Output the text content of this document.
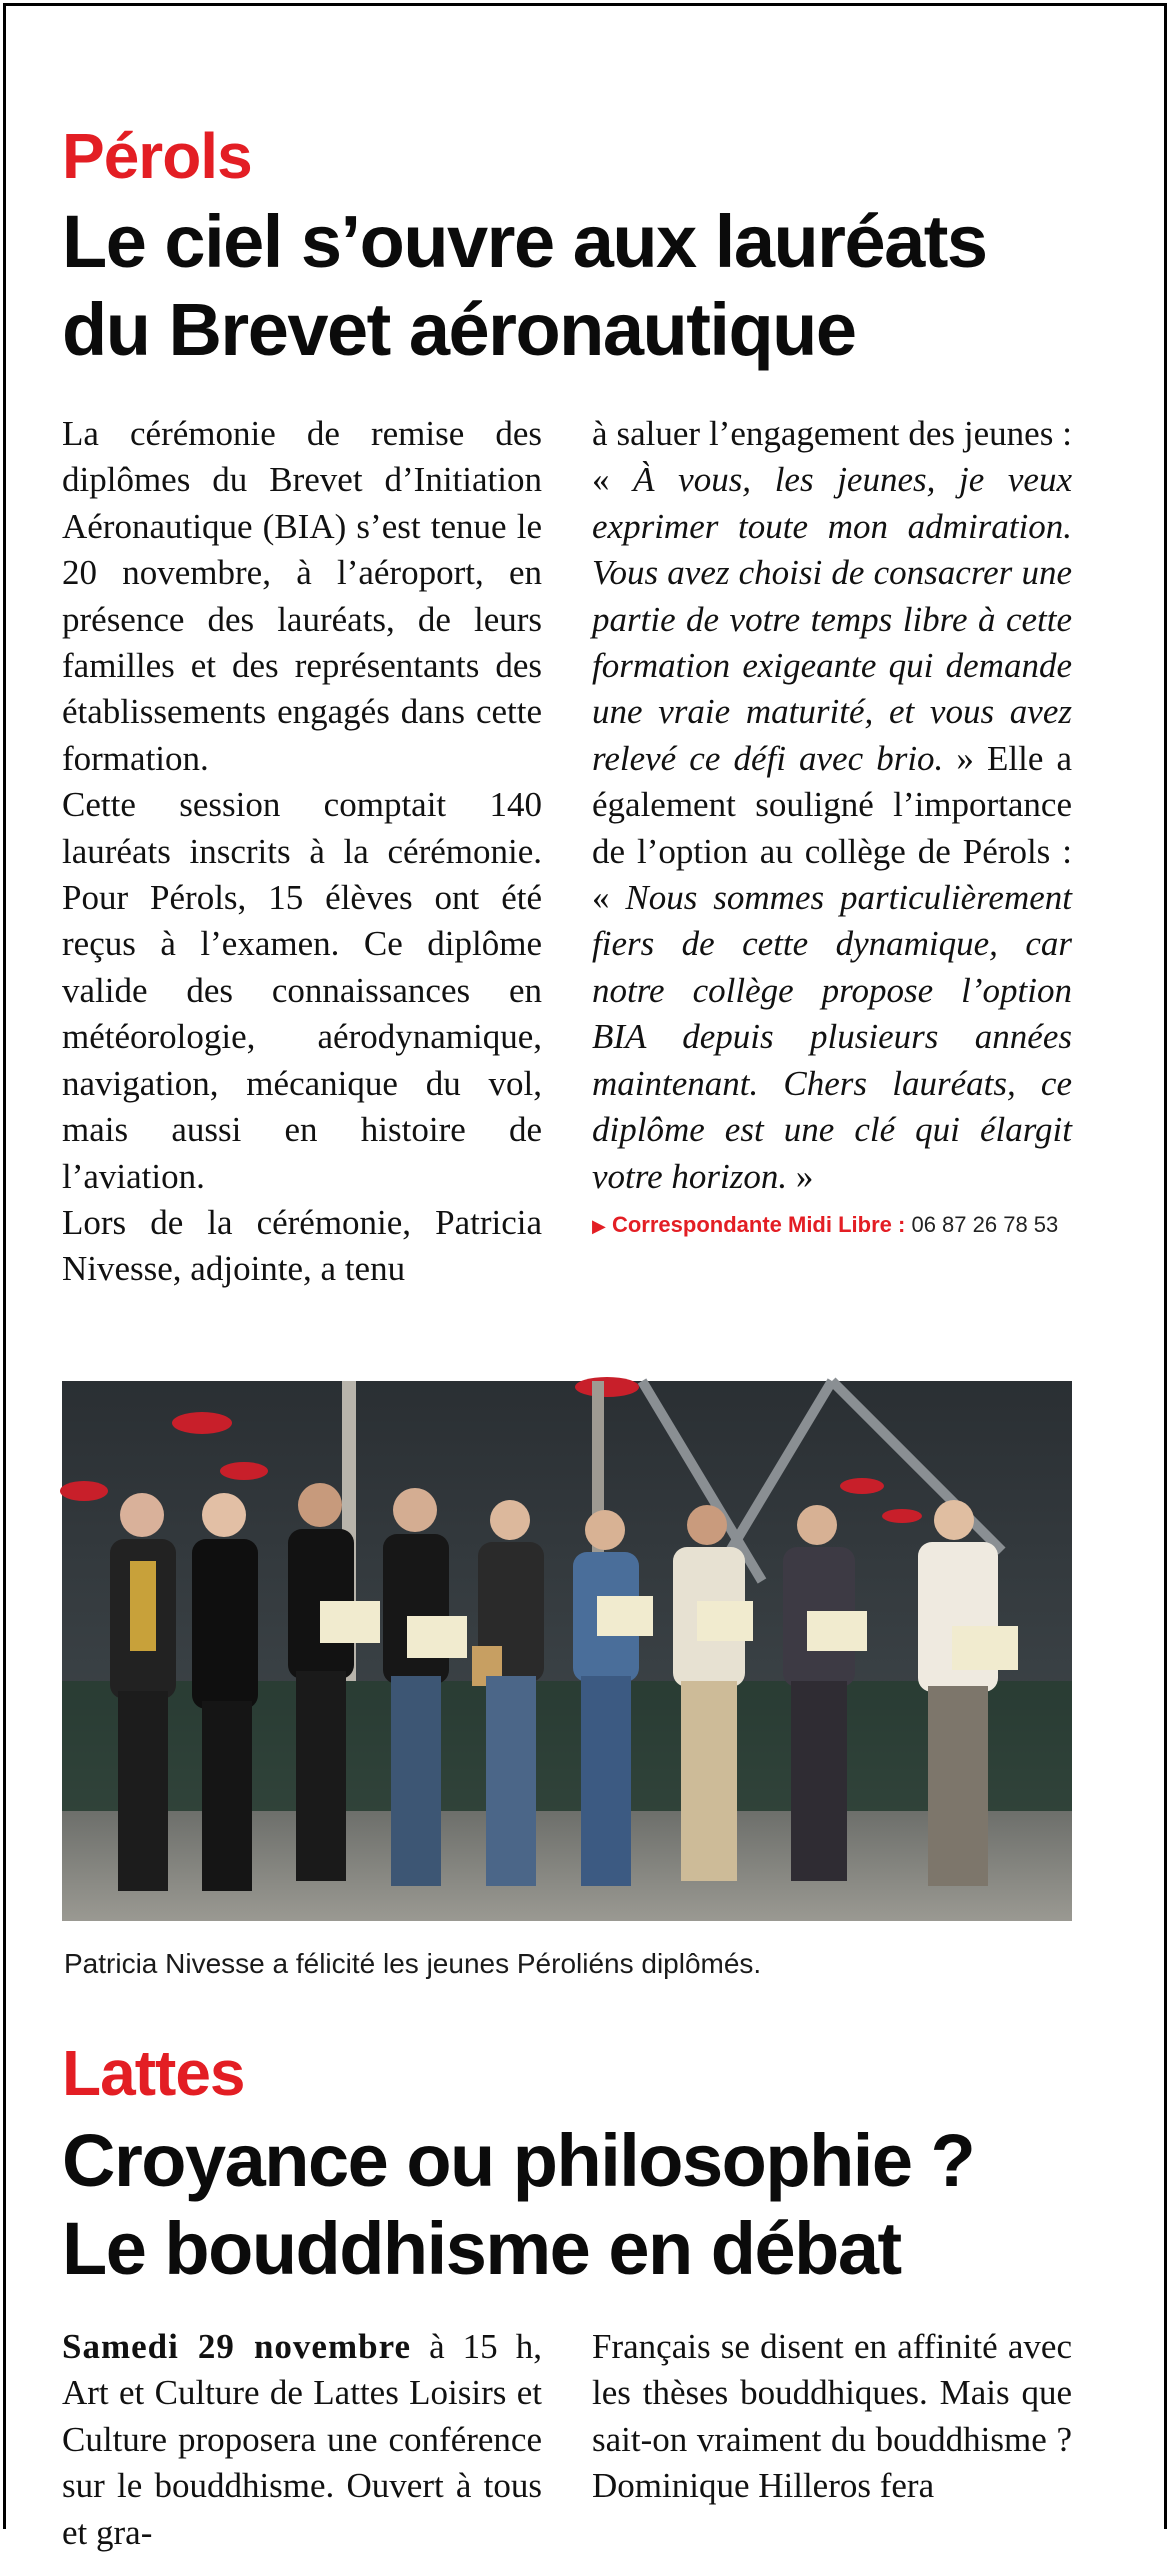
Pérols
Le ciel s’ouvre aux lauréats
du Brevet aéronautique

La cérémonie de remise des diplômes du Brevet d’Initiation Aéronautique (BIA) s’est tenue le 20 novembre, à l’aéroport, en présence des lauréats, de leurs familles et des représentants des établissements engagés dans cette formation.

Cette session comptait 140 lauréats inscrits à la cérémonie. Pour Pérols, 15 élèves ont été reçus à l’examen. Ce diplôme valide des connaissances en météorologie, aérodynamique, navigation, mécanique du vol, mais aussi en histoire de l’aviation.

Lors de la cérémonie, Patricia Nivesse, adjointe, a tenu

à saluer l’engagement des jeunes : « À vous, les jeunes, je veux exprimer toute mon admiration. Vous avez choisi de consacrer une partie de votre temps libre à cette formation exigeante qui demande une vraie maturité, et vous avez relevé ce défi avec brio. » Elle a également souligné l’importance de l’option au collège de Pérols : « Nous sommes particulièrement fiers de cette dynamique, car notre collège propose l’option BIA depuis plusieurs années maintenant. Chers lauréats, ce diplôme est une clé qui élargit votre horizon. »

▶ Correspondante Midi Libre : 06 87 26 78 53
Patricia Nivesse a félicité les jeunes Péroliéns diplômés.
Lattes
Croyance ou philosophie ?
Le bouddhisme en débat

Samedi 29 novembre à 15 h, Art et Culture de Lattes Loisirs et Culture proposera une conférence sur le bouddhisme. Ouvert à tous et gra-

Français se disent en affinité avec les thèses bouddhiques. Mais que sait-on vraiment du bouddhisme ? Dominique Hilleros fera
